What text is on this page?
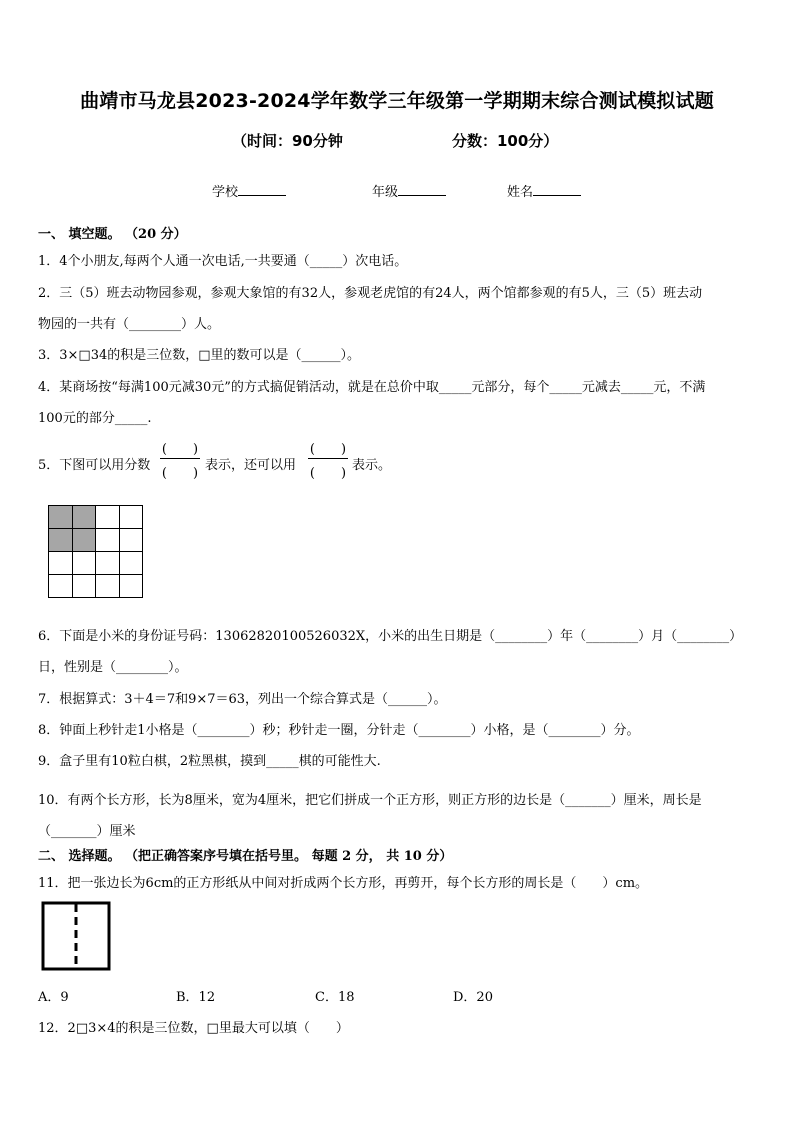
曲靖市马龙县2023-2024学年数学三年级第一学期期末综合测试模拟试题
（时间：90分钟	分数：100分）
学校	年级	姓名
一、 填空题。 （20 分）
1．4个小朋友,每两个人通一次电话,一共要通（_____）次电话。
2．三（5）班去动物园参观，参观大象馆的有32人，参观老虎馆的有24人，两个馆都参观的有5人，三（5）班去动
物园的一共有（________）人。
3．3×□34的积是三位数，□里的数可以是（______）。
4．某商场按“每满100元减30元”的方式搞促销活动，就是在总价中取_____元部分，每个_____元减去_____元，不满
100元的部分_____.
5．下图可以用分数
(　　)
(　　)
表示，还可以用
(　　)
(　　)
表示。

6．下面是小米的身份证号码：13062820100526032X，小米的出生日期是（________）年（________）月（________）
日，性别是（________）。
7．根据算式：3＋4＝7和9×7＝63，列出一个综合算式是（______）。
8．钟面上秒针走1小格是（________）秒；秒针走一圈，分针走（________）小格，是（________）分。
9．盒子里有10粒白棋，2粒黑棋，摸到_____棋的可能性大.
10．有两个长方形，长为8厘米，宽为4厘米，把它们拼成一个正方形，则正方形的边长是（_______）厘米，周长是
（_______）厘米
二、 选择题。 （把正确答案序号填在括号里。 每题 2 分， 共 10 分）
11．把一张边长为6cm的正方形纸从中间对折成两个长方形，再剪开，每个长方形的周长是（　　）cm。
A．9	B．12	C．18	D．20
12．2□3×4的积是三位数，□里最大可以填（　　）
